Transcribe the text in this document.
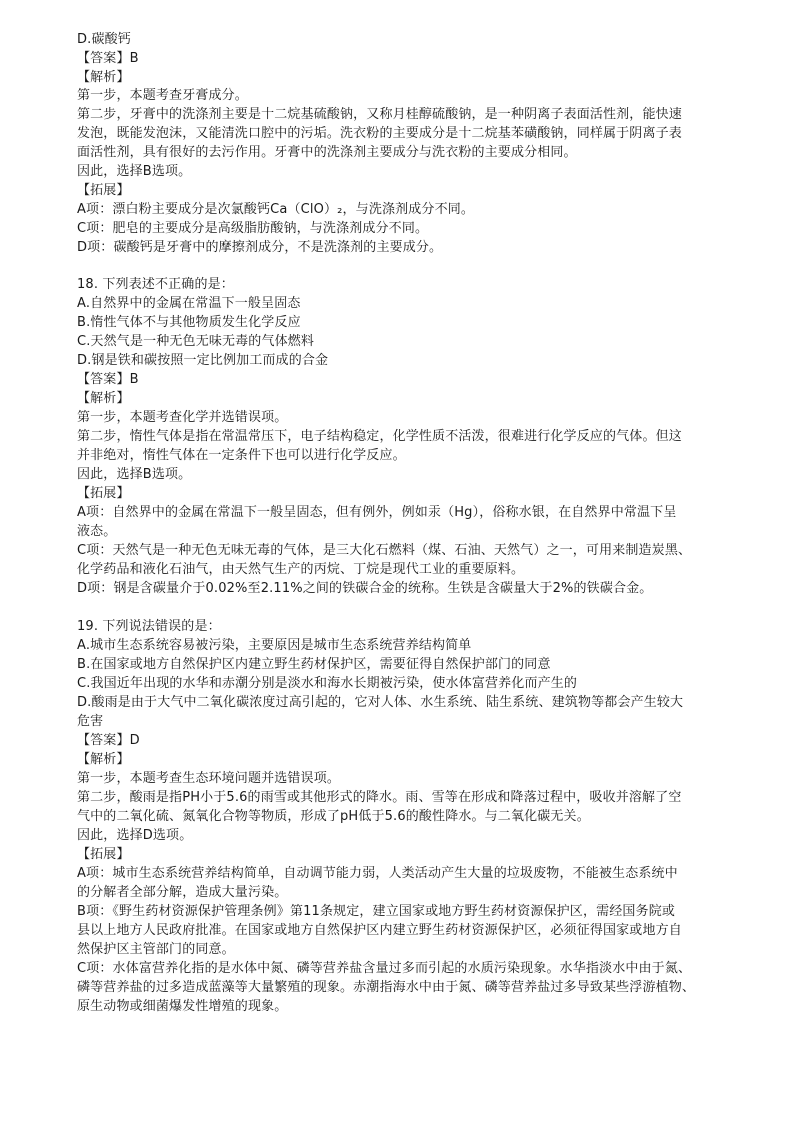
D.碳酸钙
【答案】B
【解析】
第一步，本题考查牙膏成分。
第二步，牙膏中的洗涤剂主要是十二烷基硫酸钠，又称月桂醇硫酸钠，是一种阴离子表面活性剂，能快速
发泡，既能发泡沫，又能清洗口腔中的污垢。洗衣粉的主要成分是十二烷基苯磺酸钠，同样属于阴离子表
面活性剂，具有很好的去污作用。牙膏中的洗涤剂主要成分与洗衣粉的主要成分相同。
因此，选择B选项。
【拓展】
A项：漂白粉主要成分是次氯酸钙Ca（ClO）₂，与洗涤剂成分不同。
C项：肥皂的主要成分是高级脂肪酸钠，与洗涤剂成分不同。
D项：碳酸钙是牙膏中的摩擦剂成分，不是洗涤剂的主要成分。
18. 下列表述不正确的是：
A.自然界中的金属在常温下一般呈固态
B.惰性气体不与其他物质发生化学反应
C.天然气是一种无色无味无毒的气体燃料
D.钢是铁和碳按照一定比例加工而成的合金
【答案】B
【解析】
第一步，本题考查化学并选错误项。
第二步，惰性气体是指在常温常压下，电子结构稳定，化学性质不活泼，很难进行化学反应的气体。但这
并非绝对，惰性气体在一定条件下也可以进行化学反应。
因此，选择B选项。
【拓展】
A项：自然界中的金属在常温下一般呈固态，但有例外，例如汞（Hg），俗称水银，在自然界中常温下呈
液态。
C项：天然气是一种无色无味无毒的气体，是三大化石燃料（煤、石油、天然气）之一，可用来制造炭黑、
化学药品和液化石油气，由天然气生产的丙烷、丁烷是现代工业的重要原料。
D项：钢是含碳量介于0.02%至2.11%之间的铁碳合金的统称。生铁是含碳量大于2%的铁碳合金。
19. 下列说法错误的是：
A.城市生态系统容易被污染，主要原因是城市生态系统营养结构简单
B.在国家或地方自然保护区内建立野生药材保护区，需要征得自然保护部门的同意
C.我国近年出现的水华和赤潮分别是淡水和海水长期被污染，使水体富营养化而产生的
D.酸雨是由于大气中二氧化碳浓度过高引起的，它对人体、水生系统、陆生系统、建筑物等都会产生较大
危害
【答案】D
【解析】
第一步，本题考查生态环境问题并选错误项。
第二步，酸雨是指PH小于5.6的雨雪或其他形式的降水。雨、雪等在形成和降落过程中，吸收并溶解了空
气中的二氧化硫、氮氧化合物等物质，形成了pH低于5.6的酸性降水。与二氧化碳无关。
因此，选择D选项。
【拓展】
A项：城市生态系统营养结构简单，自动调节能力弱，人类活动产生大量的垃圾废物，不能被生态系统中
的分解者全部分解，造成大量污染。
B项：《野生药材资源保护管理条例》第11条规定，建立国家或地方野生药材资源保护区，需经国务院或
县以上地方人民政府批准。在国家或地方自然保护区内建立野生药材资源保护区，必须征得国家或地方自
然保护区主管部门的同意。
C项：水体富营养化指的是水体中氮、磷等营养盐含量过多而引起的水质污染现象。水华指淡水中由于氮、
磷等营养盐的过多造成蓝藻等大量繁殖的现象。赤潮指海水中由于氮、磷等营养盐过多导致某些浮游植物、
原生动物或细菌爆发性增殖的现象。
